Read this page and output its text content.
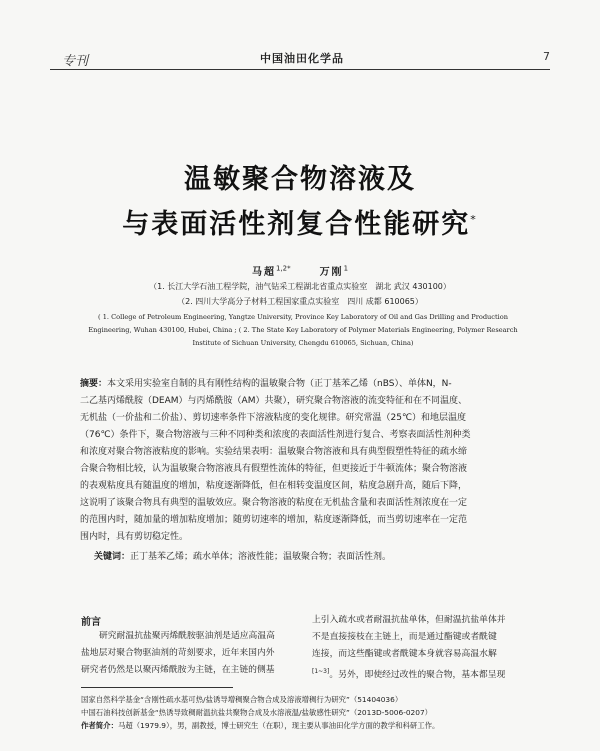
专刊	中国油田化学品	7
温敏聚合物溶液及
与表面活性剂复合性能研究*
马超$^{1,2*}$	万刚$^1$
（1. 长江大学石油工程学院，油气钻采工程湖北省重点实验室　湖北 武汉 430100）
（2. 四川大学高分子材料工程国家重点实验室　四川 成都 610065）
( 1. College of Petroleum Engineering, Yangtze University, Province Key Laboratory of Oil and Gas Drilling and Production
Engineering, Wuhan 430100, Hubei, China ; ( 2. The State Key Laboratory of Polymer Materials Engineering, Polymer Research
Institute of Sichuan University, Chengdu 610065, Sichuan, China)

摘要：本文采用实验室自制的具有刚性结构的温敏聚合物（正丁基苯乙烯（nBS）、单体N，N-

二乙基丙烯酰胺（DEAM）与丙烯酰胺（AM）共聚），研究聚合物溶液的流变特征和在不同温度、

无机盐（一价盐和二价盐）、剪切速率条件下溶液粘度的变化规律。研究常温（25℃）和地层温度

（76℃）条件下，聚合物溶液与三种不同种类和浓度的表面活性剂进行复合、考察表面活性剂种类

和浓度对聚合物溶液粘度的影响。实验结果表明：温敏聚合物溶液和具有典型假塑性特征的疏水缔

合聚合物相比较，认为温敏聚合物溶液具有假塑性流体的特征，但更接近于牛顿流体；聚合物溶液

的表观粘度具有随温度的增加，粘度逐渐降低，但在相转变温度区间，粘度急剧升高，随后下降，

这说明了该聚合物具有典型的温敏效应。聚合物溶液的粘度在无机盐含量和表面活性剂浓度在一定

的范围内时，随加量的增加粘度增加；随剪切速率的增加，粘度逐渐降低，而当剪切速率在一定范

围内时，具有剪切稳定性。

关键词：正丁基苯乙烯；疏水单体；溶液性能；温敏聚合物；表面活性剂。
前言

研究耐温抗盐聚丙烯酰胺驱油剂是适应高温高

盐地层对聚合物驱油剂的苛刻要求，近年来国内外

研究者仍然是以聚丙烯酰胺为主链，在主链的侧基

上引入疏水或者耐温抗盐单体，但耐温抗盐单体并

不是直接接枝在主链上，而是通过酯键或者酰键

连接，而这些酯键或者酰键本身就容易高温水解

[1~3]。另外，即使经过改性的聚合物，基本都呈现

国家自然科学基金“含刚性疏水基可热/盐诱导增稠聚合物合成及溶液增稠行为研究”（51404036）
中国石油科技创新基金“热诱导致稠耐温抗盐共聚物合成及水溶液温/盐敏感性研究”（2013D-5006-0207）
作者简介：马超（1979.9），男，副教授，博士研究生（在职），现主要从事油田化学方面的教学和科研工作。
